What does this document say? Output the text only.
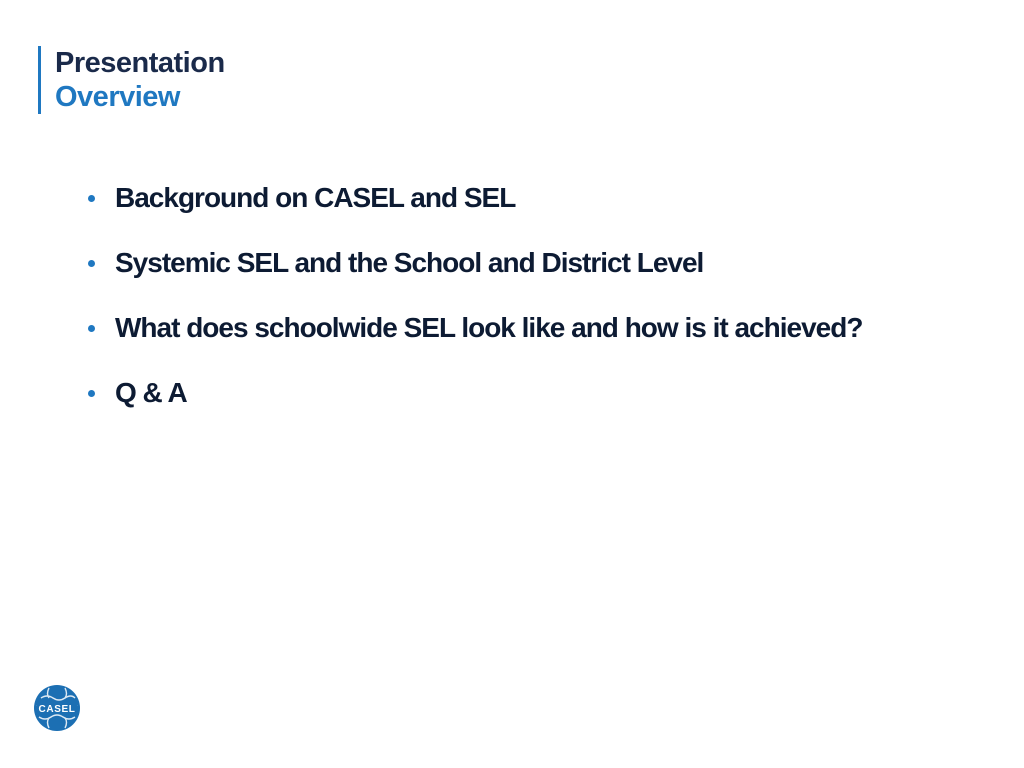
Presentation
Overview
Background on CASEL and SEL
Systemic SEL and the School and District Level
What does schoolwide SEL look like and how is it achieved?
Q & A
CASEL
